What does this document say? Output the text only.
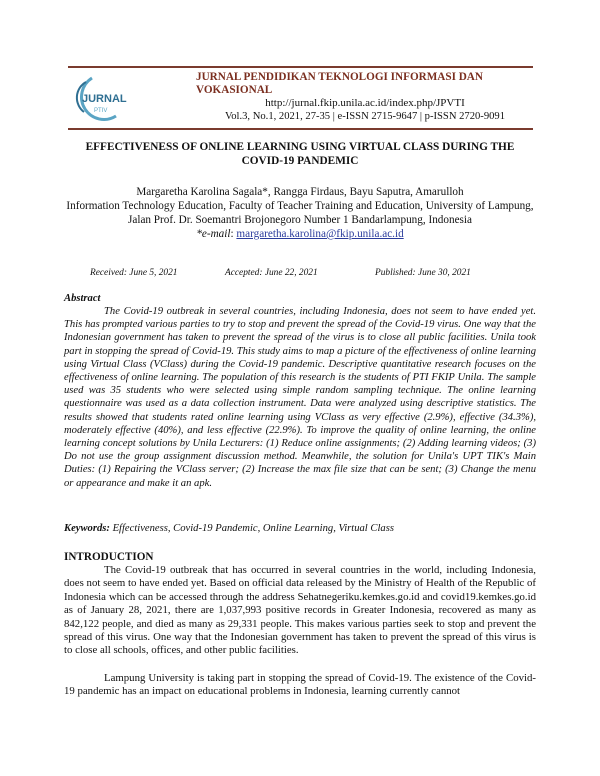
JURNAL
PTIV
JURNAL PENDIDIKAN TEKNOLOGI INFORMASI DAN
VOKASIONAL
http://jurnal.fkip.unila.ac.id/index.php/JPVTI
Vol.3, No.1, 2021, 27-35 | e-ISSN 2715-9647 | p-ISSN 2720-9091
EFFECTIVENESS OF ONLINE LEARNING USING VIRTUAL CLASS DURING THE
COVID-19 PANDEMIC
Margaretha Karolina Sagala*, Rangga Firdaus, Bayu Saputra, Amarulloh
Information Technology Education, Faculty of Teacher Training and Education, University of Lampung, Jalan Prof. Dr. Soemantri Brojonegoro Number 1 Bandarlampung, Indonesia
*e-mail: margaretha.karolina@fkip.unila.ac.id
Received: June 5, 2021	Accepted: June 22, 2021	Published: June 30, 2021
Abstract
The Covid-19 outbreak in several countries, including Indonesia, does not seem to have ended yet. This has prompted various parties to try to stop and prevent the spread of the Covid-19 virus. One way that the Indonesian government has taken to prevent the spread of the virus is to close all public facilities. Unila took part in stopping the spread of Covid-19. This study aims to map a picture of the effectiveness of online learning using Virtual Class (VClass) during the Covid-19 pandemic. Descriptive quantitative research focuses on the effectiveness of online learning. The population of this research is the students of PTI FKIP Unila. The sample used was 35 students who were selected using simple random sampling technique. The online learning questionnaire was used as a data collection instrument. Data were analyzed using descriptive statistics. The results showed that students rated online learning using VClass as very effective (2.9%), effective (34.3%), moderately effective (40%), and less effective (22.9%). To improve the quality of online learning, the online learning concept solutions by Unila Lecturers: (1) Reduce online assignments; (2) Adding learning videos; (3) Do not use the group assignment discussion method. Meanwhile, the solution for Unila's UPT TIK's Main Duties: (1) Repairing the VClass server; (2) Increase the max file size that can be sent; (3) Change the menu or appearance and make it an apk.
Keywords: Effectiveness, Covid-19 Pandemic, Online Learning, Virtual Class
INTRODUCTION
The Covid-19 outbreak that has occurred in several countries in the world, including Indonesia, does not seem to have ended yet. Based on official data released by the Ministry of Health of the Republic of Indonesia which can be accessed through the address Sehatnegeriku.kemkes.go.id and covid19.kemkes.go.id as of January 28, 2021, there are 1,037,993 positive records in Greater Indonesia, recovered as many as 842,122 people, and died as many as 29,331 people. This makes various parties seek to stop and prevent the spread of this virus. One way that the Indonesian government has taken to prevent the spread of this virus is to close all schools, offices, and other public facilities.
Lampung University is taking part in stopping the spread of Covid-19. The existence of the Covid-19 pandemic has an impact on educational problems in Indonesia, learning currently cannot
